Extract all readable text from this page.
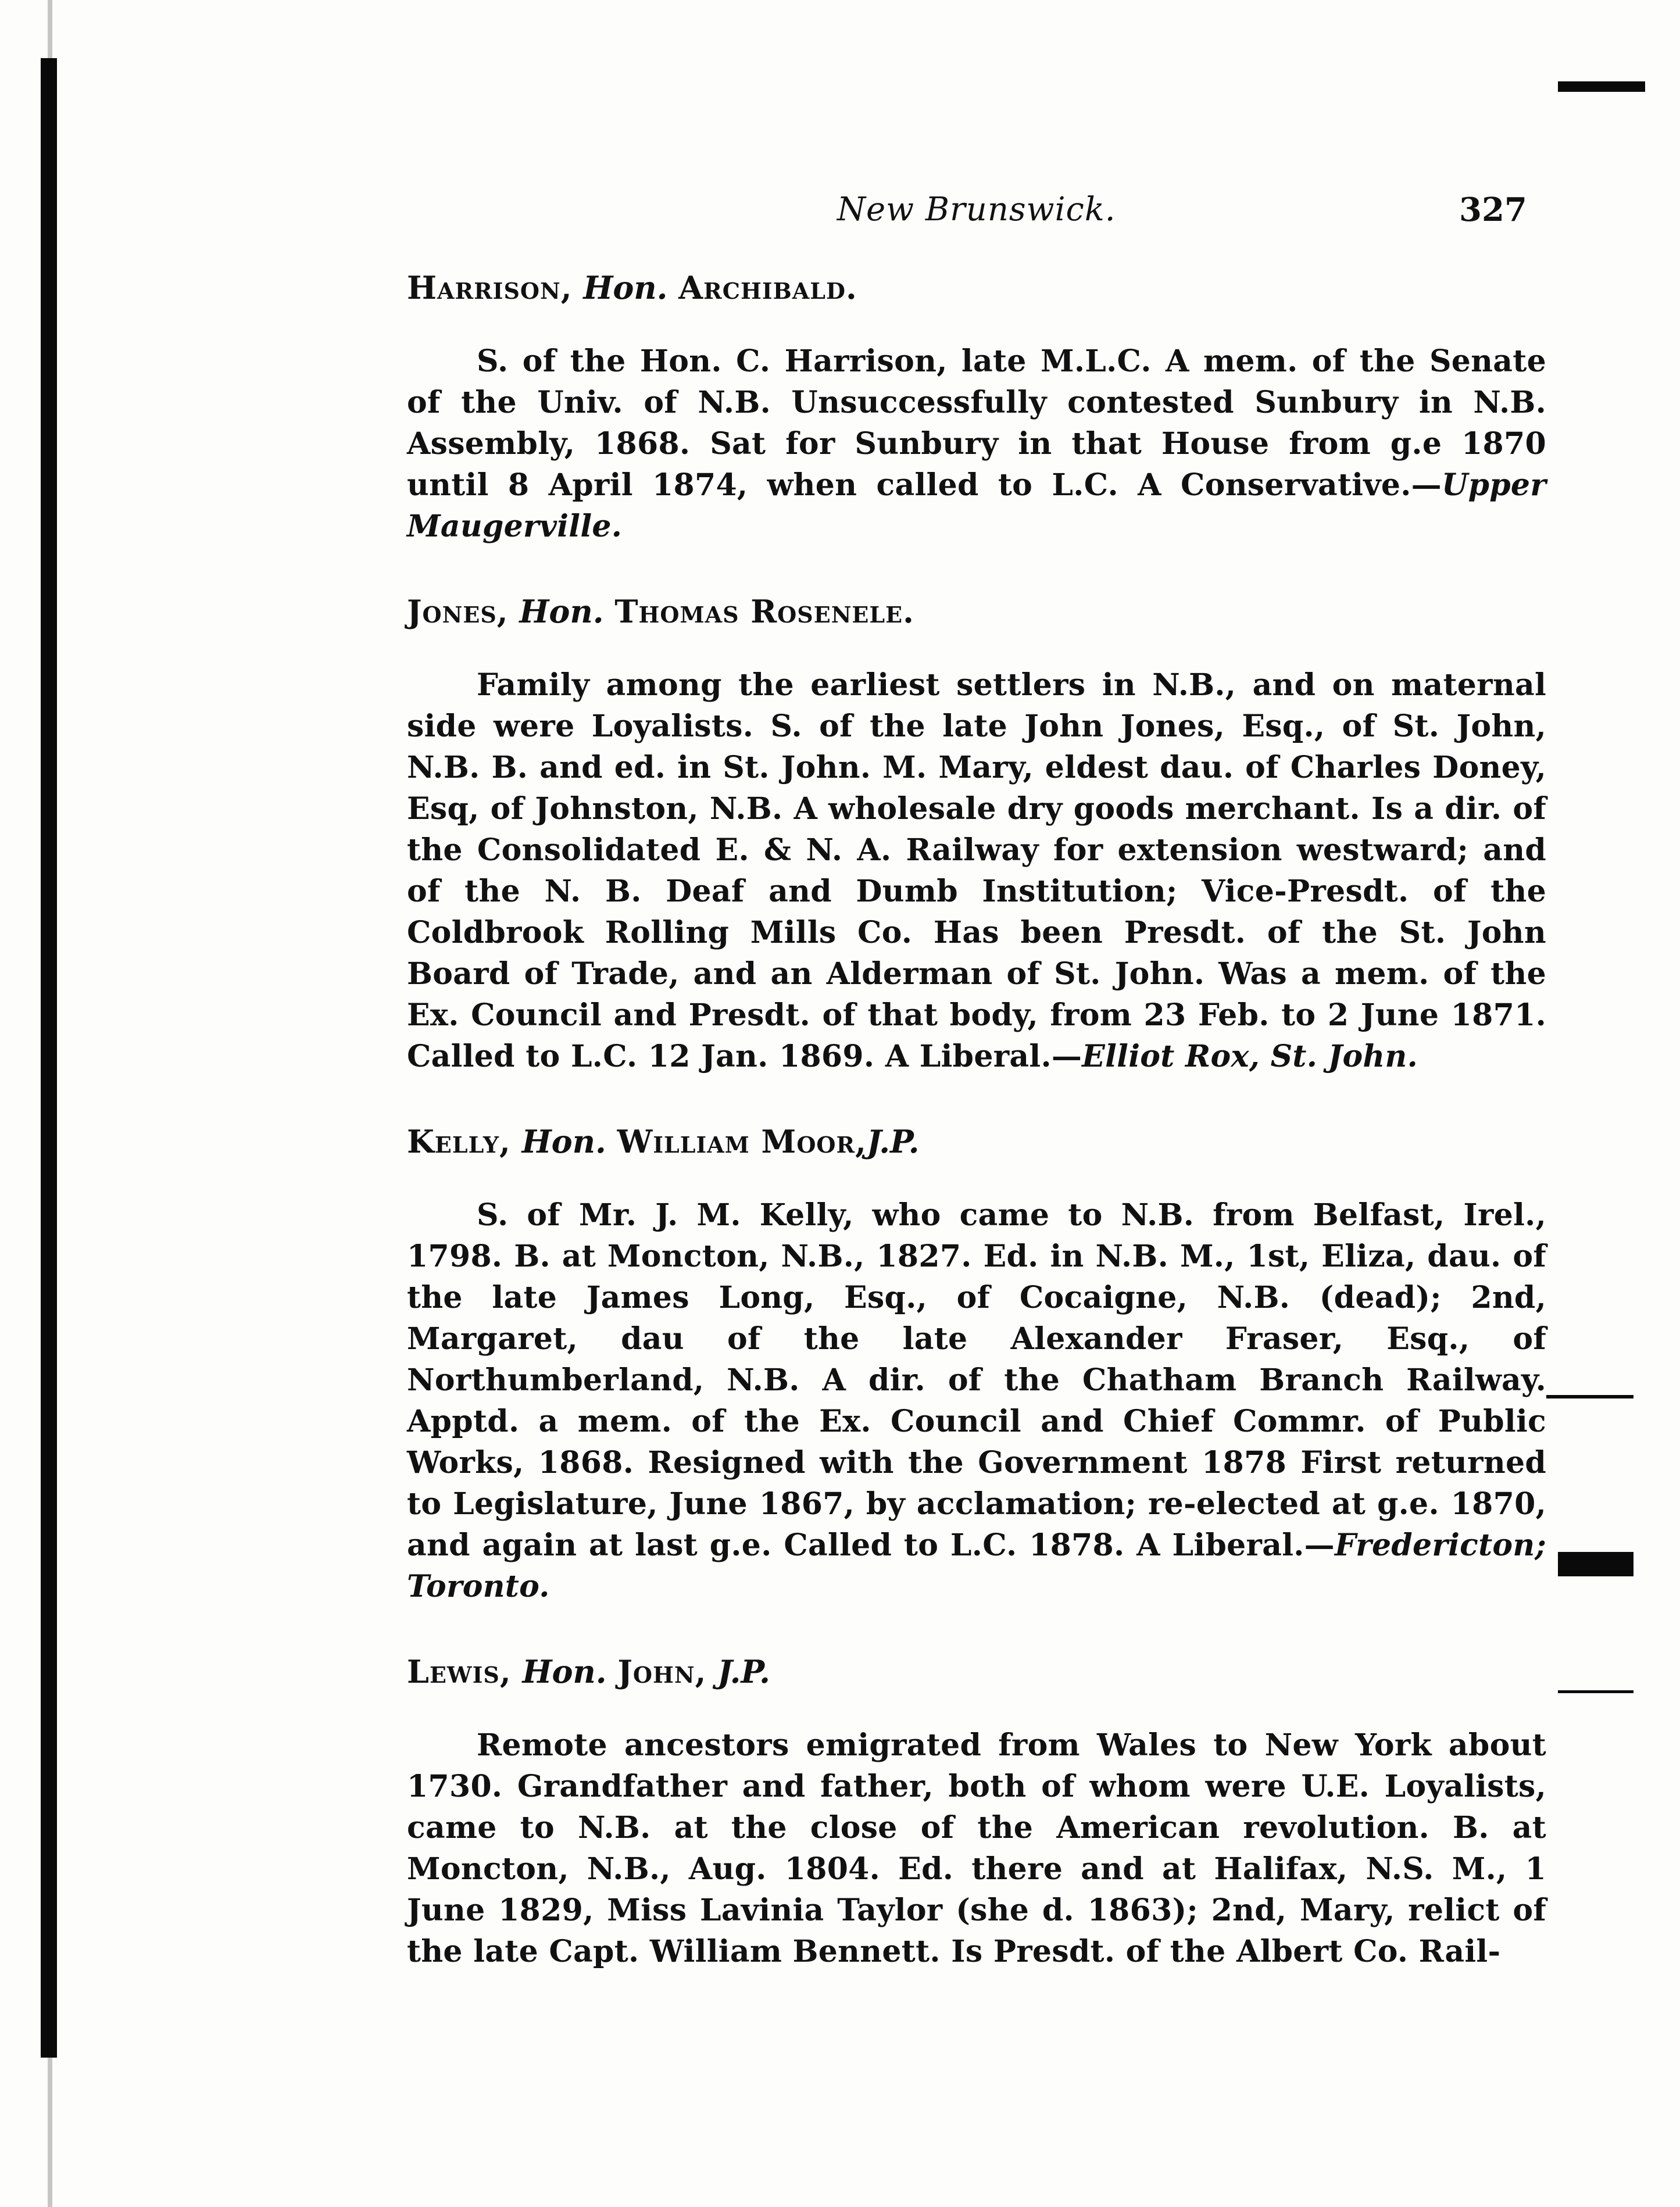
New Brunswick.	327
Harrison, Hon. Archibald.

S. of the Hon. C. Harrison, late M.L.C. A mem. of the Senate of the Univ. of N.B. Unsuccessfully contested Sunbury in N.B. Assembly, 1868. Sat for Sunbury in that House from g.e 1870 until 8 April 1874, when called to L.C. A Conservative.—Upper Maugerville.

Jones, Hon. Thomas Rosenele.

Family among the earliest settlers in N.B., and on maternal side were Loyalists. S. of the late John Jones, Esq., of St. John, N.B. B. and ed. in St. John. M. Mary, eldest dau. of Charles Doney, Esq, of Johnston, N.B. A wholesale dry goods merchant. Is a dir. of the Consolidated E. & N. A. Railway for extension westward; and of the N. B. Deaf and Dumb Institution; Vice-Presdt. of the Coldbrook Rolling Mills Co. Has been Presdt. of the St. John Board of Trade, and an Alderman of St. John. Was a mem. of the Ex. Council and Presdt. of that body, from 23 Feb. to 2 June 1871. Called to L.C. 12 Jan. 1869. A Liberal.—Elliot Rox, St. John.

Kelly, Hon. William Moor,J.P.

S. of Mr. J. M. Kelly, who came to N.B. from Belfast, Irel., 1798. B. at Moncton, N.B., 1827. Ed. in N.B. M., 1st, Eliza, dau. of the late James Long, Esq., of Cocaigne, N.B. (dead); 2nd, Margaret, dau of the late Alexander Fraser, Esq., of Northumberland, N.B. A dir. of the Chatham Branch Railway. Apptd. a mem. of the Ex. Council and Chief Commr. of Public Works, 1868. Resigned with the Government 1878 First returned to Legislature, June 1867, by acclamation; re-elected at g.e. 1870, and again at last g.e. Called to L.C. 1878. A Liberal.—Fredericton; Toronto.

Lewis, Hon. John, J.P.

Remote ancestors emigrated from Wales to New York about 1730. Grandfather and father, both of whom were U.E. Loyalists, came to N.B. at the close of the American revolution. B. at Moncton, N.B., Aug. 1804. Ed. there and at Halifax, N.S. M., 1 June 1829, Miss Lavinia Taylor (she d. 1863); 2nd, Mary, relict of the late Capt. William Bennett. Is Presdt. of the Albert Co. Rail-
